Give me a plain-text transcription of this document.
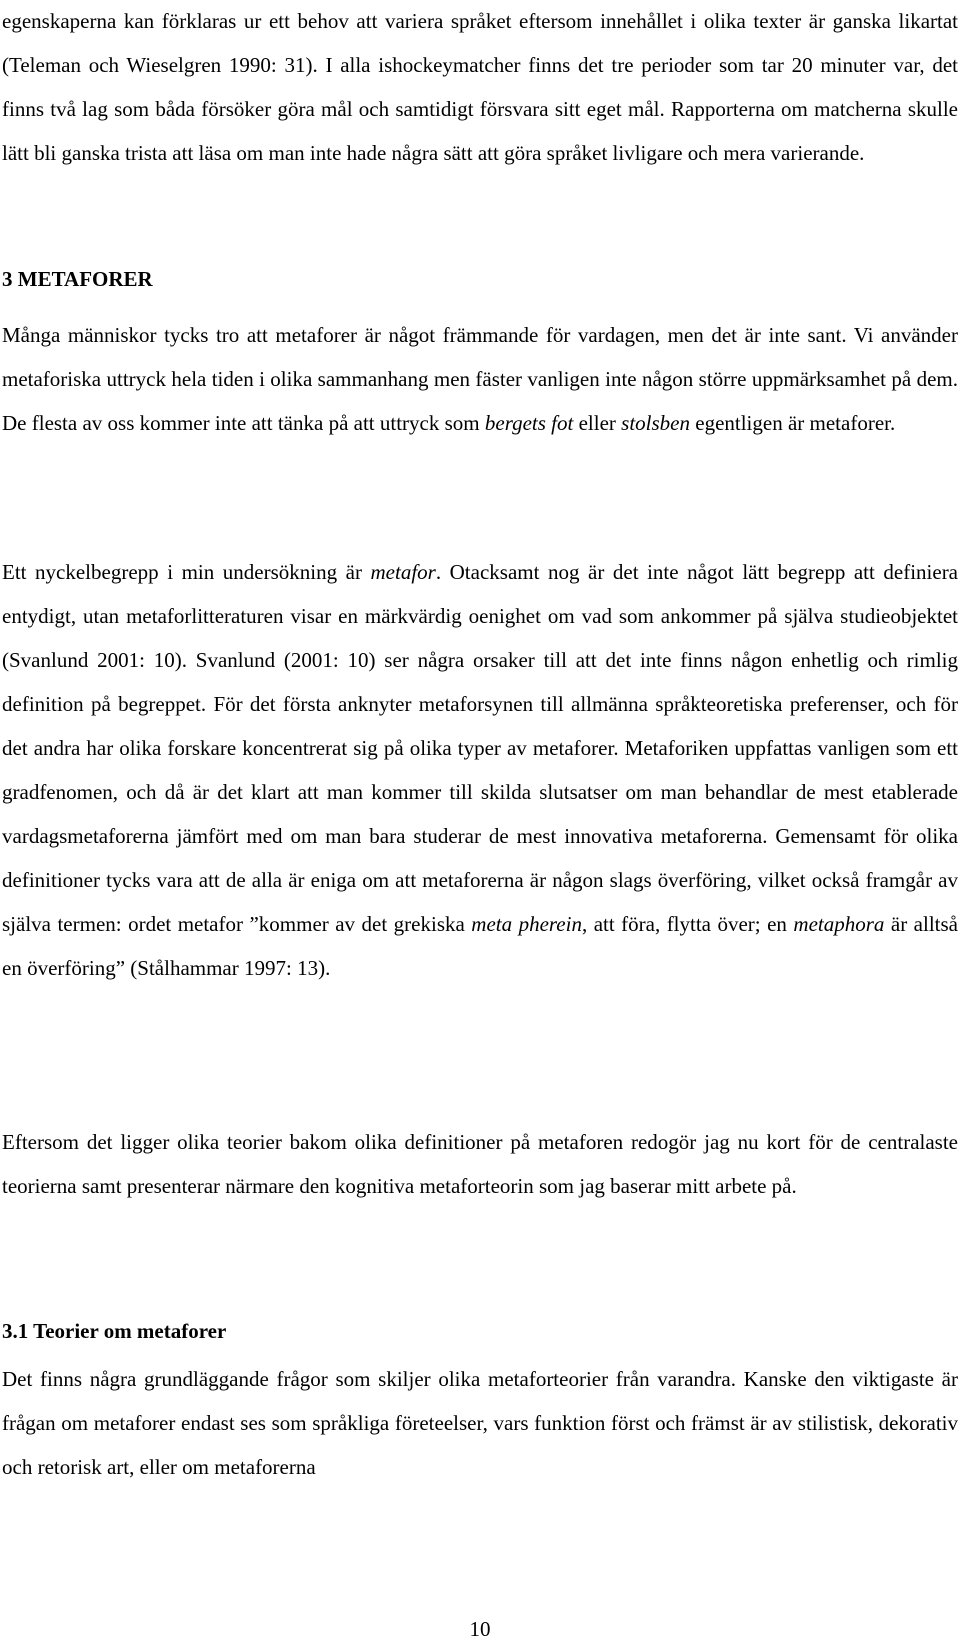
egenskaperna kan förklaras ur ett behov att variera språket eftersom innehållet i olika texter är ganska likartat (Teleman och Wieselgren 1990: 31). I alla ishockeymatcher finns det tre perioder som tar 20 minuter var, det finns två lag som båda försöker göra mål och samtidigt försvara sitt eget mål. Rapporterna om matcherna skulle lätt bli ganska trista att läsa om man inte hade några sätt att göra språket livligare och mera varierande.

3 METAFORER

Många människor tycks tro att metaforer är något främmande för vardagen, men det är inte sant. Vi använder metaforiska uttryck hela tiden i olika sammanhang men fäster vanligen inte någon större uppmärksamhet på dem. De flesta av oss kommer inte att tänka på att uttryck som bergets fot eller stolsben egentligen är metaforer.

Ett nyckelbegrepp i min undersökning är metafor. Otacksamt nog är det inte något lätt begrepp att definiera entydigt, utan metaforlitteraturen visar en märkvärdig oenighet om vad som ankommer på själva studieobjektet (Svanlund 2001: 10). Svanlund (2001: 10) ser några orsaker till att det inte finns någon enhetlig och rimlig definition på begreppet. För det första anknyter metaforsynen till allmänna språkteoretiska preferenser, och för det andra har olika forskare koncentrerat sig på olika typer av metaforer. Metaforiken uppfattas vanligen som ett gradfenomen, och då är det klart att man kommer till skilda slutsatser om man behandlar de mest etablerade vardagsmetaforerna jämfört med om man bara studerar de mest innovativa metaforerna. Gemensamt för olika definitioner tycks vara att de alla är eniga om att metaforerna är någon slags överföring, vilket också framgår av själva termen: ordet metafor ”kommer av det grekiska meta pherein, att föra, flytta över; en metaphora är alltså en överföring” (Stålhammar 1997: 13).

Eftersom det ligger olika teorier bakom olika definitioner på metaforen redogör jag nu kort för de centralaste teorierna samt presenterar närmare den kognitiva metaforteorin som jag baserar mitt arbete på.

3.1 Teorier om metaforer

Det finns några grundläggande frågor som skiljer olika metaforteorier från varandra. Kanske den viktigaste är frågan om metaforer endast ses som språkliga företeelser, vars funktion först och främst är av stilistisk, dekorativ och retorisk art, eller om metaforerna

10
